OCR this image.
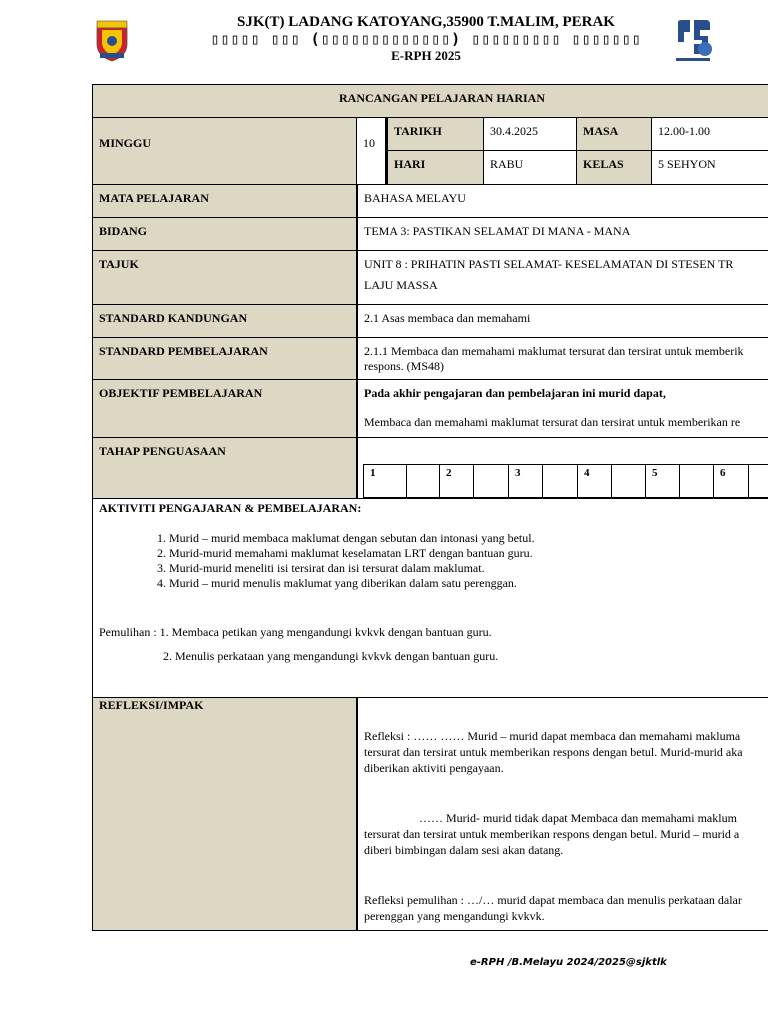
SJK(T) LADANG KATOYANG,35900 T.MALIM, PERAK
▯▯▯▯▯ ▯▯▯ (▯▯▯▯▯▯▯▯▯▯▯▯▯) ▯▯▯▯▯▯▯▯▯ ▯▯▯▯▯▯▯
E-RPH 2025
RANCANGAN PELAJARAN HARIAN
MINGGU	10
TARIKH	30.4.2025	MASA	12.00-1.00
HARI	RABU	KELAS	5 SEHYON
MATA PELAJARAN	BAHASA MELAYU
BIDANG	TEMA 3: PASTIKAN SELAMAT DI MANA - MANA
TAJUK	UNIT 8 : PRIHATIN PASTI SELAMAT- KESELAMATAN DI STESEN TR
LAJU MASSA
STANDARD KANDUNGAN	2.1 Asas membaca dan memahami
STANDARD PEMBELAJARAN	2.1.1 Membaca dan memahami maklumat tersurat dan tersirat untuk memberik
respons. (MS48)
OBJEKTIF PEMBELAJARAN	Pada akhir pengajaran dan pembelajaran ini murid dapat,
Membaca dan memahami maklumat tersurat dan tersirat untuk memberikan re
TAHAP PENGUASAAN
1	2	3	4	5	6
AKTIVITI PENGAJARAN & PEMBELAJARAN:
1. Murid – murid membaca maklumat dengan sebutan dan intonasi yang betul.
2. Murid-murid memahami maklumat keselamatan LRT dengan bantuan guru.
3. Murid-murid meneliti isi tersirat dan isi tersurat dalam maklumat.
4. Murid – murid menulis maklumat yang diberikan dalam satu perenggan.
Pemulihan : 1. Membaca petikan yang mengandungi kvkvk dengan bantuan guru.
2. Menulis perkataan yang mengandungi kvkvk dengan bantuan guru.
REFLEKSI/IMPAK
Refleksi : …… …… Murid – murid dapat membaca dan memahami makluma
tersurat dan tersirat untuk memberikan respons dengan betul. Murid-murid aka
diberikan aktiviti pengayaan.
…… Murid- murid tidak dapat Membaca dan memahami maklum
tersurat dan tersirat untuk memberikan respons dengan betul. Murid – murid a
diberi bimbingan dalam sesi akan datang.
Refleksi pemulihan : …/… murid dapat membaca dan menulis perkataan dalar
perenggan yang mengandungi kvkvk.
e-RPH /B.Melayu 2024/2025@sjktlk
